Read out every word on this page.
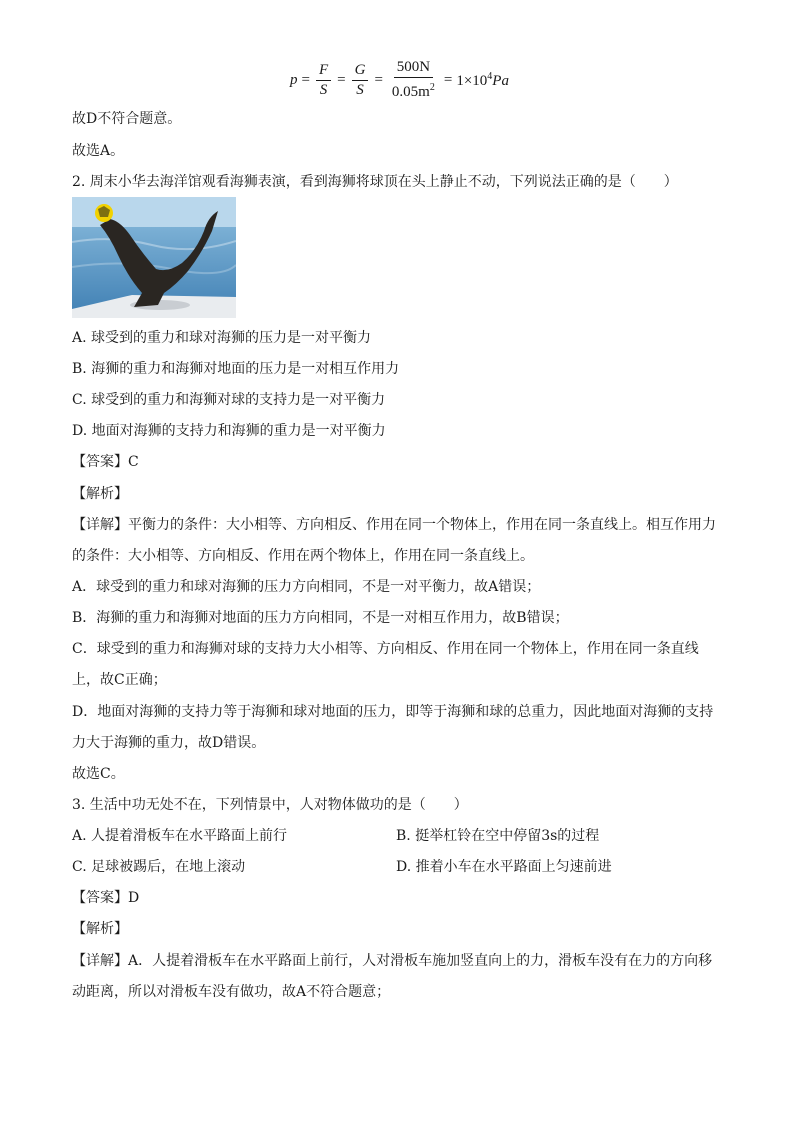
$p = \frac{F}{S} = \frac{G}{S} = \frac{500N}{0.05m^2} = 1\times 10^4Pa$
故D不符合题意。
故选A。
2. 周末小华去海洋馆观看海狮表演，看到海狮将球顶在头上静止不动，下列说法正确的是（　　）
A. 球受到的重力和球对海狮的压力是一对平衡力
B. 海狮的重力和海狮对地面的压力是一对相互作用力
C. 球受到的重力和海狮对球的支持力是一对平衡力
D. 地面对海狮的支持力和海狮的重力是一对平衡力
【答案】C
【解析】
【详解】平衡力的条件：大小相等、方向相反、作用在同一个物体上，作用在同一条直线上。相互作用力
的条件：大小相等、方向相反、作用在两个物体上，作用在同一条直线上。
A．球受到的重力和球对海狮的压力方向相同，不是一对平衡力，故A错误；
B．海狮的重力和海狮对地面的压力方向相同，不是一对相互作用力，故B错误；
C．球受到的重力和海狮对球的支持力大小相等、方向相反、作用在同一个物体上，作用在同一条直线
上，故C正确；
D．地面对海狮的支持力等于海狮和球对地面的压力，即等于海狮和球的总重力，因此地面对海狮的支持
力大于海狮的重力，故D错误。
故选C。
3. 生活中功无处不在，下列情景中，人对物体做功的是（　　）
A. 人提着滑板车在水平路面上前行	B. 挺举杠铃在空中停留3s的过程
C. 足球被踢后，在地上滚动	D. 推着小车在水平路面上匀速前进
【答案】D
【解析】
【详解】A．人提着滑板车在水平路面上前行，人对滑板车施加竖直向上的力，滑板车没有在力的方向移
动距离，所以对滑板车没有做功，故A不符合题意；
